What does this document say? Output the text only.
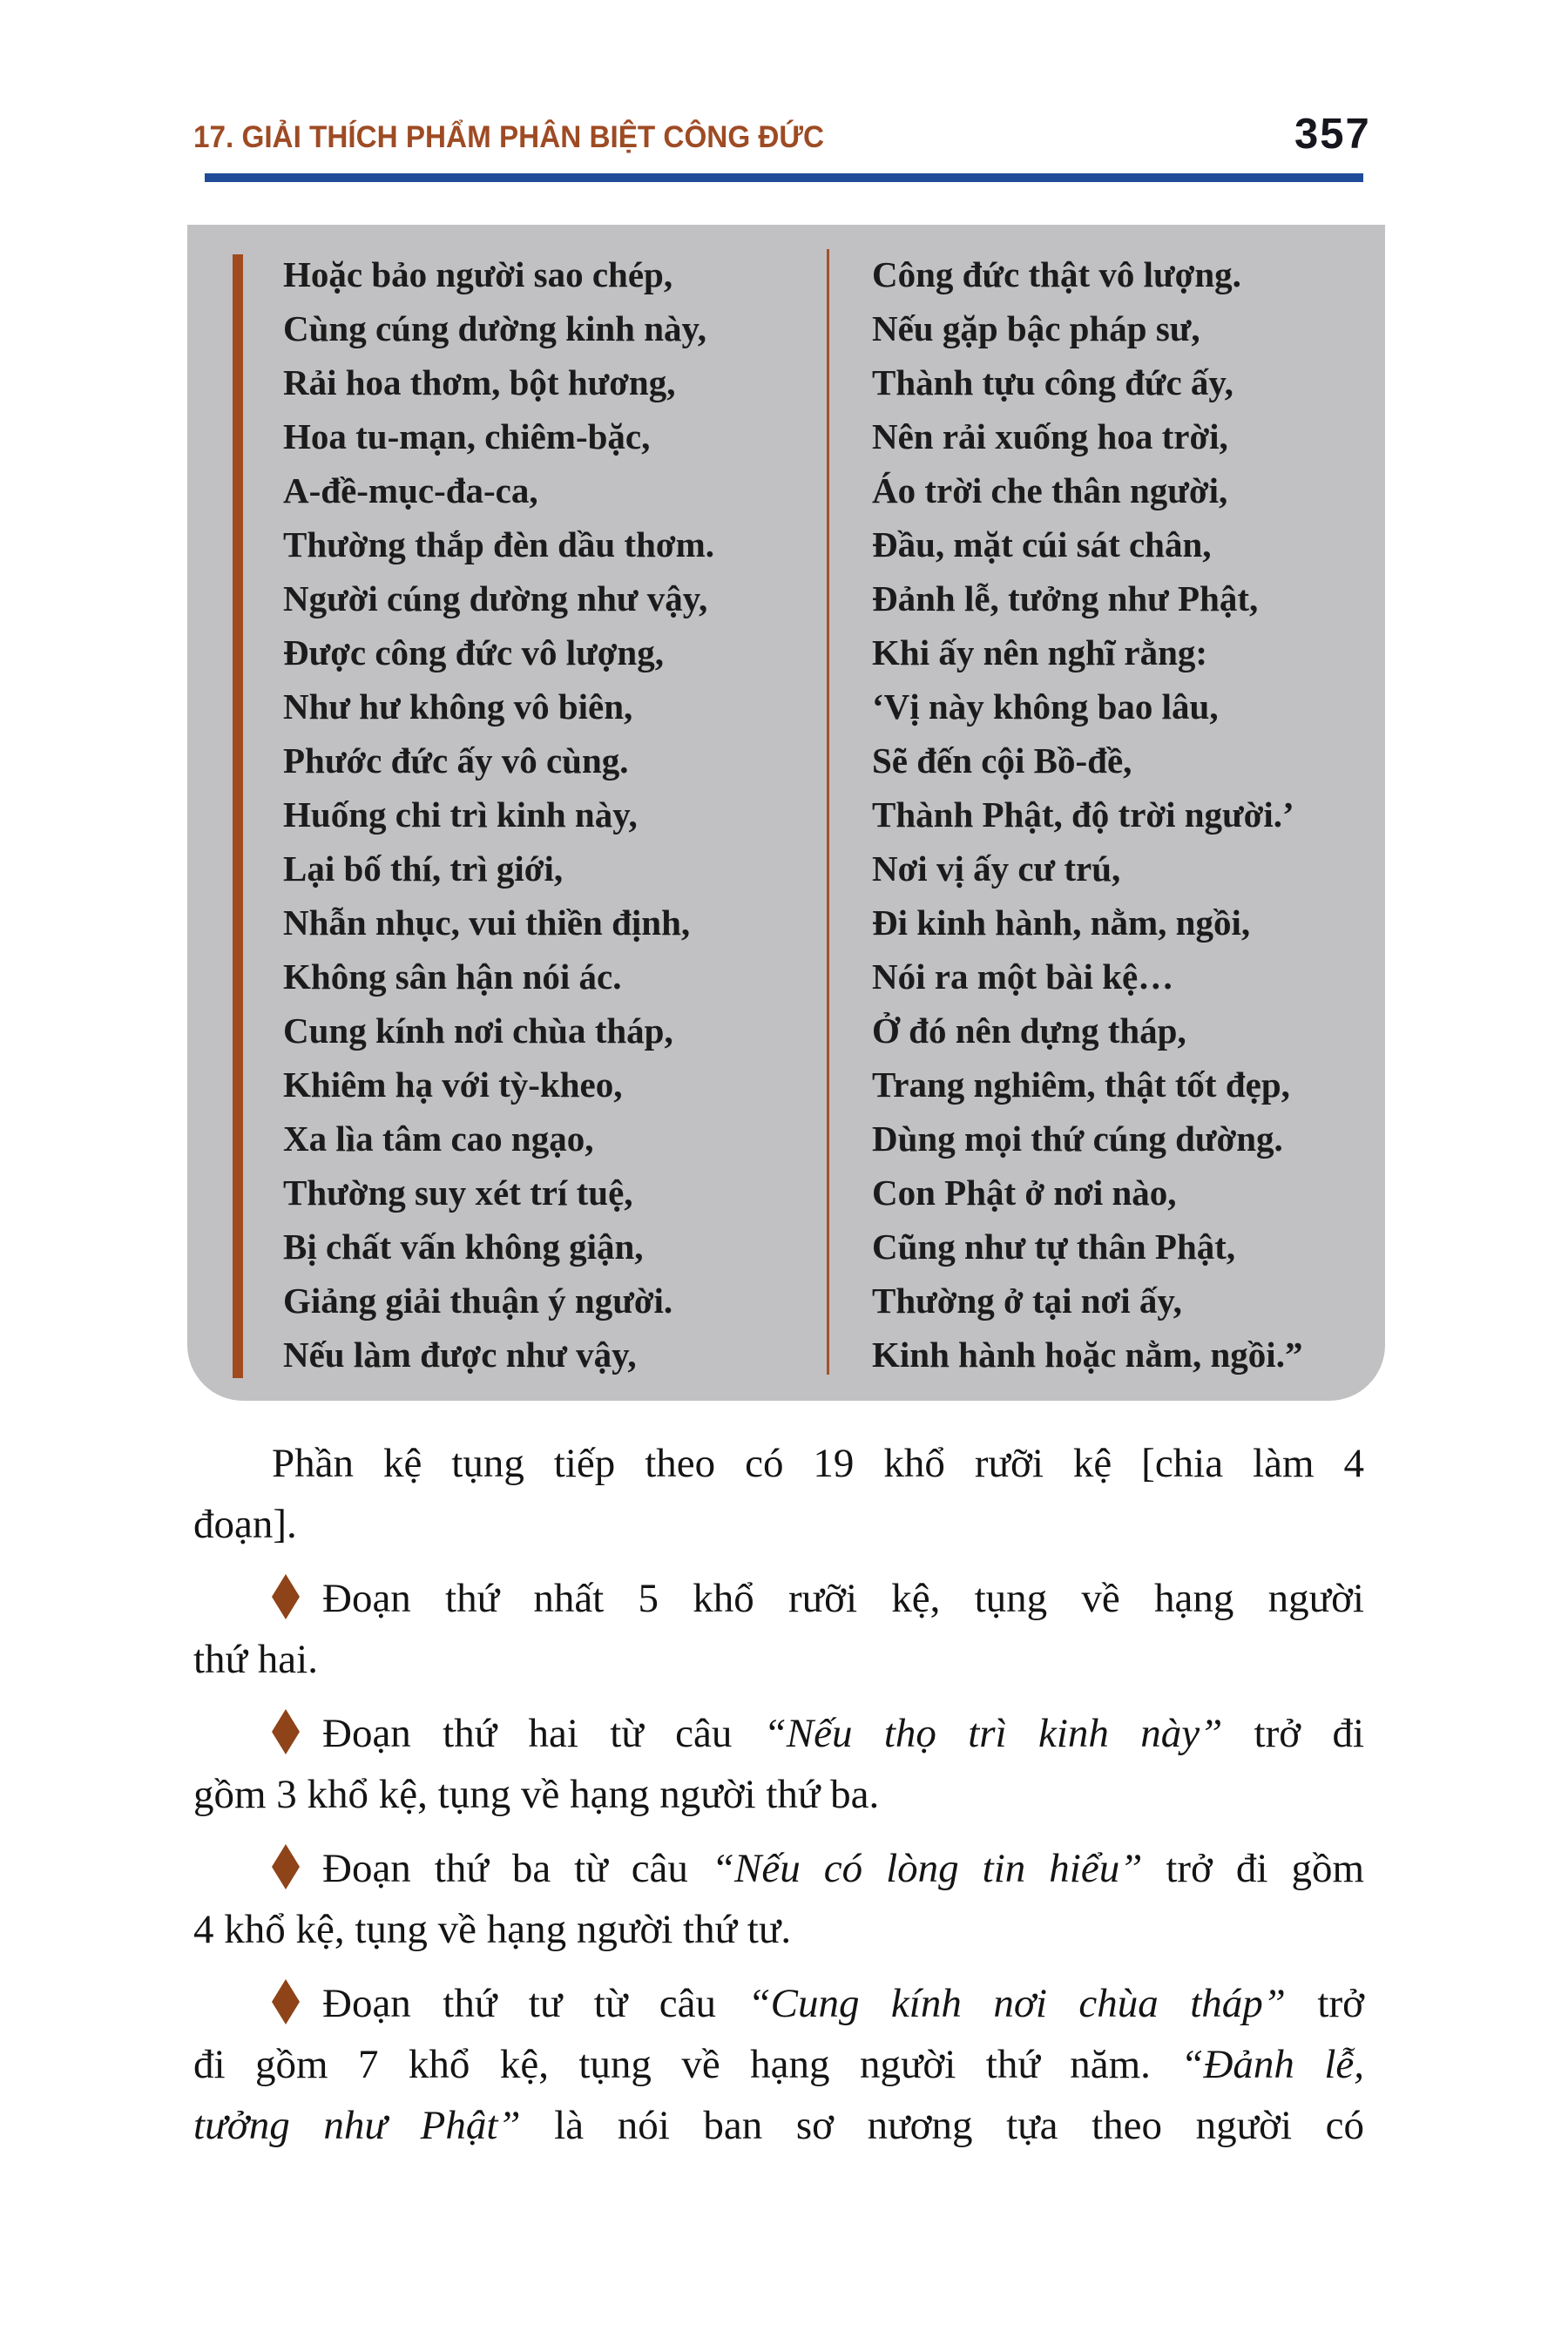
17. GIẢI THÍCH PHẨM PHÂN BIỆT CÔNG ĐỨC	357
Hoặc bảo người sao chép,
Cùng cúng dường kinh này,
Rải hoa thơm, bột hương,
Hoa tu-mạn, chiêm-bặc,
A-đề-mục-đa-ca,
Thường thắp đèn dầu thơm.
Người cúng dường như vậy,
Được công đức vô lượng,
Như hư không vô biên,
Phước đức ấy vô cùng.
Huống chi trì kinh này,
Lại bố thí, trì giới,
Nhẫn nhục, vui thiền định,
Không sân hận nói ác.
Cung kính nơi chùa tháp,
Khiêm hạ với tỳ-kheo,
Xa lìa tâm cao ngạo,
Thường suy xét trí tuệ,
Bị chất vấn không giận,
Giảng giải thuận ý người.
Nếu làm được như vậy,
Công đức thật vô lượng.
Nếu gặp bậc pháp sư,
Thành tựu công đức ấy,
Nên rải xuống hoa trời,
Áo trời che thân người,
Đầu, mặt cúi sát chân,
Đảnh lễ, tưởng như Phật,
Khi ấy nên nghĩ rằng:
‘Vị này không bao lâu,
Sẽ đến cội Bồ-đề,
Thành Phật, độ trời người.’
Nơi vị ấy cư trú,
Đi kinh hành, nằm, ngồi,
Nói ra một bài kệ…
Ở đó nên dựng tháp,
Trang nghiêm, thật tốt đẹp,
Dùng mọi thứ cúng dường.
Con Phật ở nơi nào,
Cũng như tự thân Phật,
Thường ở tại nơi ấy,
Kinh hành hoặc nằm, ngồi.”
Phần kệ tụng tiếp theo có 19 khổ rưỡi kệ [chia làm 4
đoạn].
Đoạn thứ nhất 5 khổ rưỡi kệ, tụng về hạng người
thứ hai.
Đoạn thứ hai từ câu “Nếu thọ trì kinh này” trở đi
gồm 3 khổ kệ, tụng về hạng người thứ ba.
Đoạn thứ ba từ câu “Nếu có lòng tin hiểu” trở đi gồm
4 khổ kệ, tụng về hạng người thứ tư.
Đoạn thứ tư từ câu “Cung kính nơi chùa tháp” trở
đi gồm 7 khổ kệ, tụng về hạng người thứ năm. “Đảnh lễ,
tưởng như Phật” là nói ban sơ nương tựa theo người có
